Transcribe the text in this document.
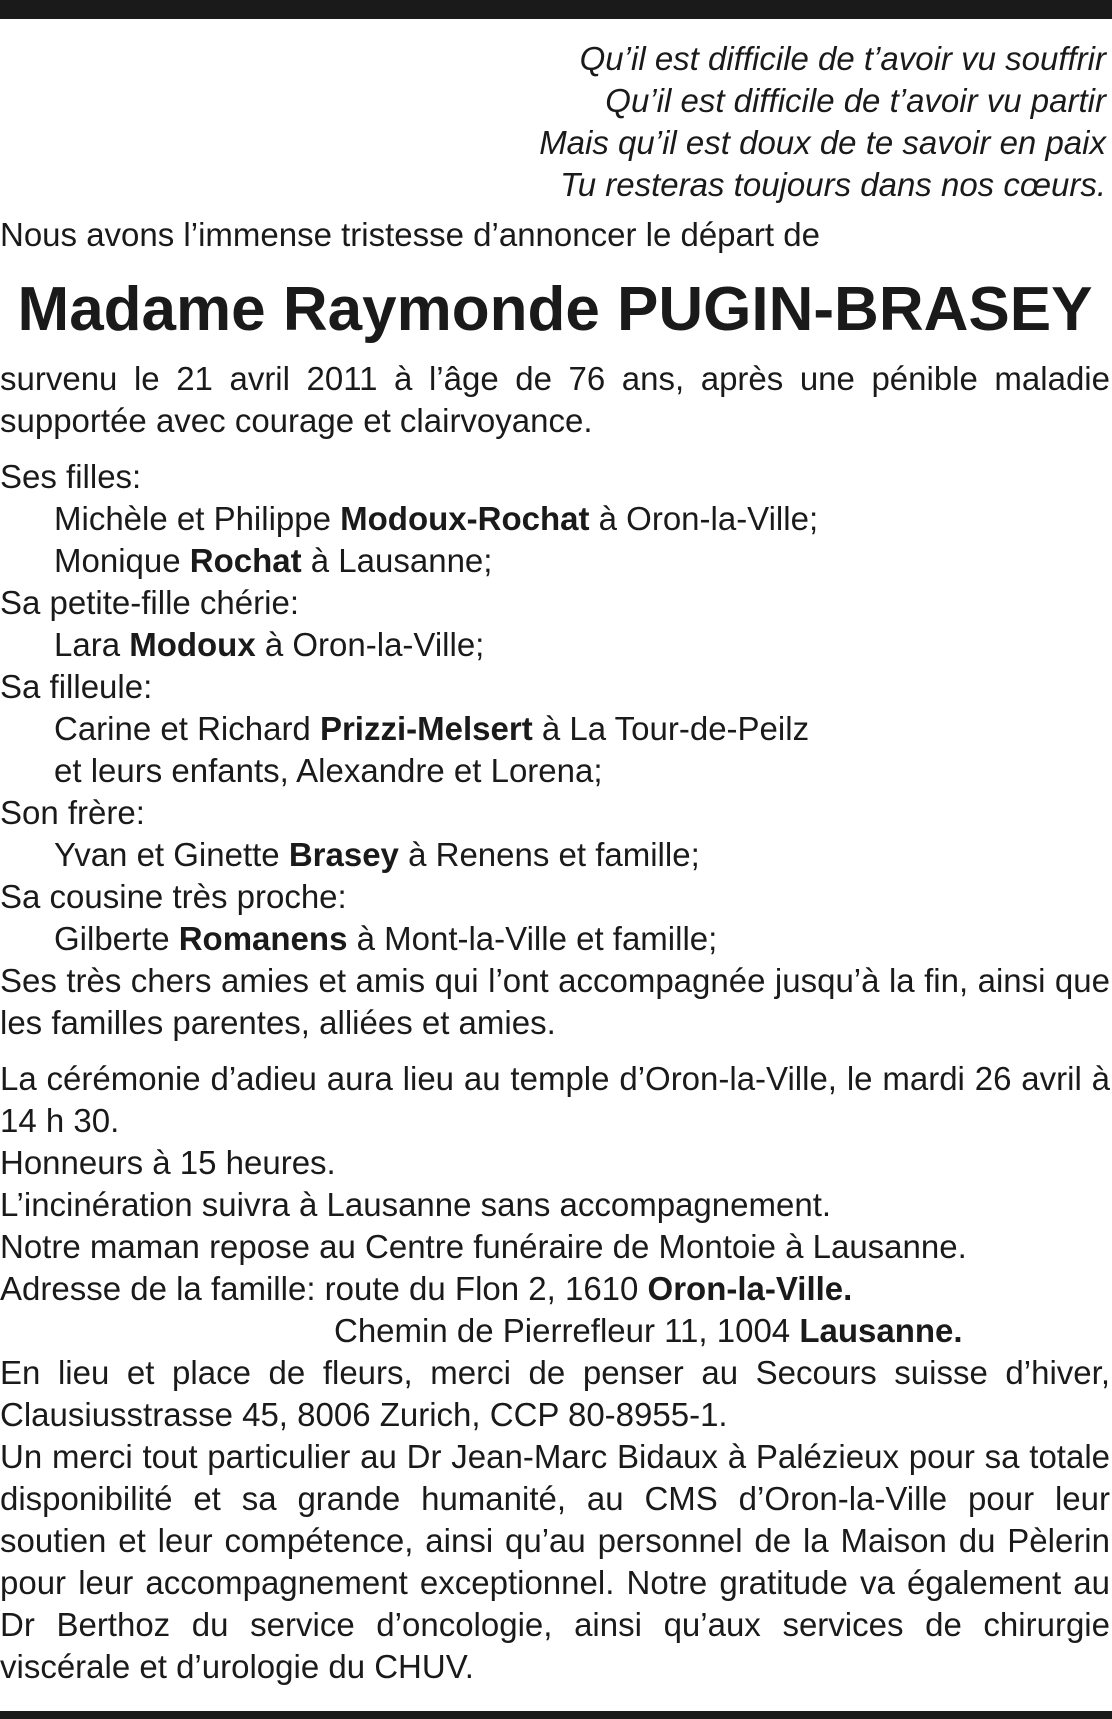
Qu’il est difficile de t’avoir vu souffrir
Qu’il est difficile de t’avoir vu partir
Mais qu’il est doux de te savoir en paix
Tu resteras toujours dans nos cœurs.
Nous avons l’immense tristesse d’annoncer le départ de
Madame Raymonde PUGIN-BRASEY
survenu le 21 avril 2011 à l’âge de 76 ans, après une pénible maladie supportée avec courage et clairvoyance.
Ses filles:
Michèle et Philippe Modoux-Rochat à Oron-la-Ville;
Monique Rochat à Lausanne;
Sa petite-fille chérie:
Lara Modoux à Oron-la-Ville;
Sa filleule:
Carine et Richard Prizzi-Melsert à La Tour-de-Peilz
et leurs enfants, Alexandre et Lorena;
Son frère:
Yvan et Ginette Brasey à Renens et famille;
Sa cousine très proche:
Gilberte Romanens à Mont-la-Ville et famille;
Ses très chers amies et amis qui l’ont accompagnée jusqu’à la fin, ainsi que les familles parentes, alliées et amies.
La cérémonie d’adieu aura lieu au temple d’Oron-la-Ville, le mardi 26 avril à 14 h 30.
Honneurs à 15 heures.
L’incinération suivra à Lausanne sans accompagnement.
Notre maman repose au Centre funéraire de Montoie à Lausanne.
Adresse de la famille: route du Flon 2, 1610 Oron-la-Ville.
Chemin de Pierrefleur 11, 1004 Lausanne.
En lieu et place de fleurs, merci de penser au Secours suisse d’hiver, Clausiusstrasse 45, 8006 Zurich, CCP 80-8955-1.
Un merci tout particulier au Dr Jean-Marc Bidaux à Palézieux pour sa totale disponibilité et sa grande humanité, au CMS d’Oron-la-Ville pour leur soutien et leur compétence, ainsi qu’au personnel de la Maison du Pèlerin pour leur accompagnement exceptionnel. Notre gratitude va également au Dr Berthoz du service d’oncologie, ainsi qu’aux services de chirurgie viscérale et d’urologie du CHUV.
